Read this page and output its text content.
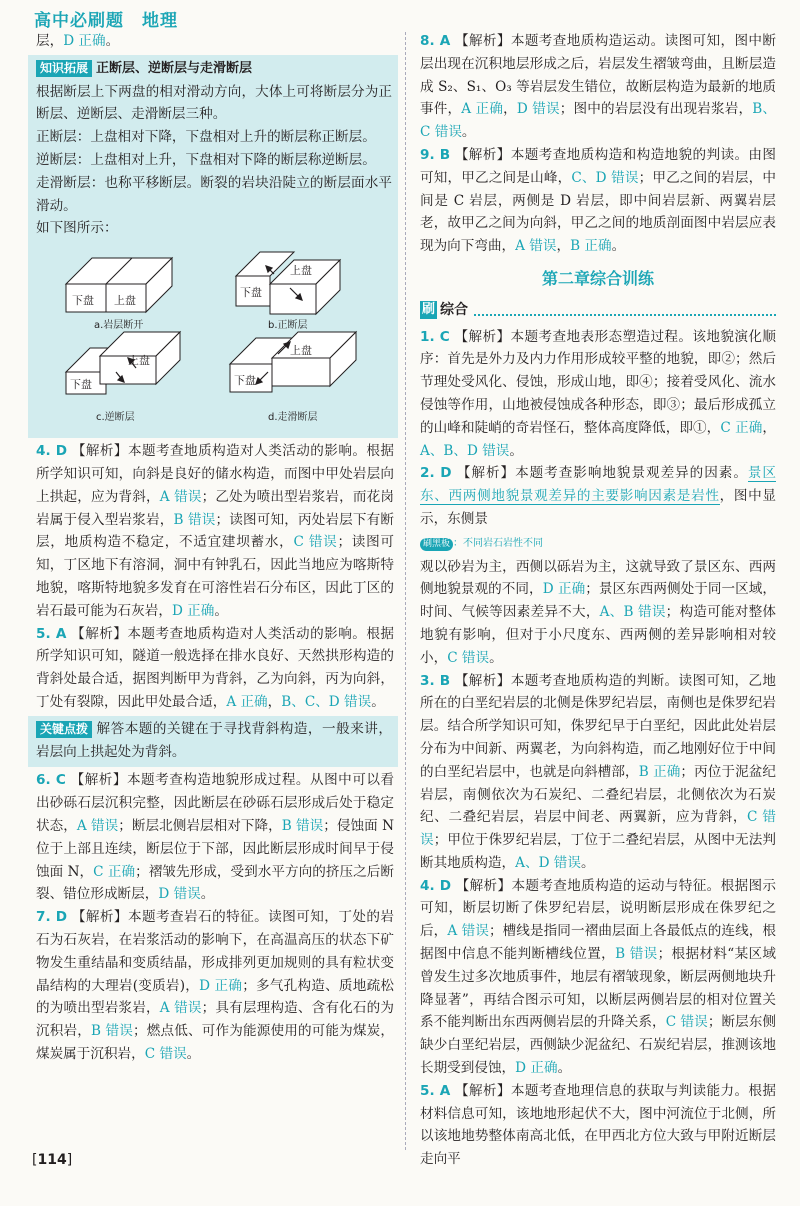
高中必刷题 地理

层，D 正确。

知识拓展 正断层、逆断层与走滑断层

根据断层上下两盘的相对滑动方向，大体上可将断层分为正断层、逆断层、走滑断层三种。

正断层：上盘相对下降，下盘相对上升的断层称正断层。

逆断层：上盘相对上升，下盘相对下降的断层称逆断层。

走滑断层：也称平移断层。断裂的岩块沿陡立的断层面水平滑动。

如下图所示：

下盘 上盘
下盘
上盘
下盘
上盘
下盘
上盘
a.岩层断开	b.正断层
c.逆断层	d.走滑断层

4. D 【解析】本题考查地质构造对人类活动的影响。根据所学知识可知，向斜是良好的储水构造，而图中甲处岩层向上拱起，应为背斜，A 错误；乙处为喷出型岩浆岩，而花岗岩属于侵入型岩浆岩，B 错误；读图可知，丙处岩层下有断层，地质构造不稳定，不适宜建坝蓄水，C 错误；读图可知，丁区地下有溶洞，洞中有钟乳石，因此当地应为喀斯特地貌，喀斯特地貌多发育在可溶性岩石分布区，因此丁区的岩石最可能为石灰岩，D 正确。

5. A 【解析】本题考查地质构造对人类活动的影响。根据所学知识可知，隧道一般选择在排水良好、天然拱形构造的背斜处最合适，据图判断甲为背斜，乙为向斜，丙为向斜，丁处有裂隙，因此甲处最合适，A 正确，B、C、D 错误。

关键点拨 解答本题的关键在于寻找背斜构造，一般来讲，岩层向上拱起处为背斜。

6. C 【解析】本题考查构造地貌形成过程。从图中可以看出砂砾石层沉积完整，因此断层在砂砾石层形成后处于稳定状态，A 错误；断层北侧岩层相对下降，B 错误；侵蚀面 N 位于上部且连续，断层位于下部，因此断层形成时间早于侵蚀面 N，C 正确；褶皱先形成，受到水平方向的挤压之后断裂、错位形成断层，D 错误。

7. D 【解析】本题考查岩石的特征。读图可知，丁处的岩石为石灰岩，在岩浆活动的影响下，在高温高压的状态下矿物发生重结晶和变质结晶，形成排列更加规则的具有粒状变晶结构的大理岩(变质岩)，D 正确；多气孔构造、质地疏松的为喷出型岩浆岩，A 错误；具有层理构造、含有化石的为沉积岩，B 错误；燃点低、可作为能源使用的可能为煤炭，煤炭属于沉积岩，C 错误。

8. A 【解析】本题考查地质构造运动。读图可知，图中断层出现在沉积地层形成之后，岩层发生褶皱弯曲，且断层造成 S₂、S₁、O₃ 等岩层发生错位，故断层构造为最新的地质事件，A 正确，D 错误；图中的岩层没有出现岩浆岩，B、C 错误。

9. B 【解析】本题考查地质构造和构造地貌的判读。由图可知，甲乙之间是山峰，C、D 错误；甲乙之间的岩层，中间是 C 岩层，两侧是 D 岩层，即中间岩层新、两翼岩层老，故甲乙之间为向斜，甲乙之间的地质剖面图中岩层应表现为向下弯曲，A 错误，B 正确。

第二章综合训练
刷 综合

1. C 【解析】本题考查地表形态塑造过程。该地貌演化顺序：首先是外力及内力作用形成较平整的地貌，即②；然后节理处受风化、侵蚀，形成山地，即④；接着受风化、流水侵蚀等作用，山地被侵蚀成各种形态，即③；最后形成孤立的山峰和陡峭的奇岩怪石，整体高度降低，即①，C 正确，A、B、D 错误。

2. D 【解析】本题考查影响地貌景观差异的因素。景区东、西两侧地貌景观差异的主要影响因素是岩性，图中显示，东侧景
刷黑板 ：不同岩石岩性不同
观以砂岩为主，西侧以砾岩为主，这就导致了景区东、西两侧地貌景观的不同，D 正确；景区东西两侧处于同一区域，时间、气候等因素差异不大，A、B 错误；构造可能对整体地貌有影响，但对于小尺度东、西两侧的差异影响相对较小，C 错误。

3. B 【解析】本题考查地质构造的判断。读图可知，乙地所在的白垩纪岩层的北侧是侏罗纪岩层，南侧也是侏罗纪岩层。结合所学知识可知，侏罗纪早于白垩纪，因此此处岩层分布为中间新、两翼老，为向斜构造，而乙地刚好位于中间的白垩纪岩层中，也就是向斜槽部，B 正确；丙位于泥盆纪岩层，南侧依次为石炭纪、二叠纪岩层，北侧依次为石炭纪、二叠纪岩层，岩层中间老、两翼新，应为背斜，C 错误；甲位于侏罗纪岩层，丁位于二叠纪岩层，从图中无法判断其地质构造，A、D 错误。

4. D 【解析】本题考查地质构造的运动与特征。根据图示可知，断层切断了侏罗纪岩层，说明断层形成在侏罗纪之后，A 错误；槽线是指同一褶曲层面上各最低点的连线，根据图中信息不能判断槽线位置，B 错误；根据材料“某区域曾发生过多次地质事件，地层有褶皱现象，断层两侧地块升降显著”，再结合图示可知，以断层两侧岩层的相对位置关系不能判断出东西两侧岩层的升降关系，C 错误；断层东侧缺少白垩纪岩层，西侧缺少泥盆纪、石炭纪岩层，推测该地长期受到侵蚀，D 正确。

5. A 【解析】本题考查地理信息的获取与判读能力。根据材料信息可知，该地地形起伏不大，图中河流位于北侧，所以该地地势整体南高北低，在甲西北方位大致与甲附近断层走向平

[114]
